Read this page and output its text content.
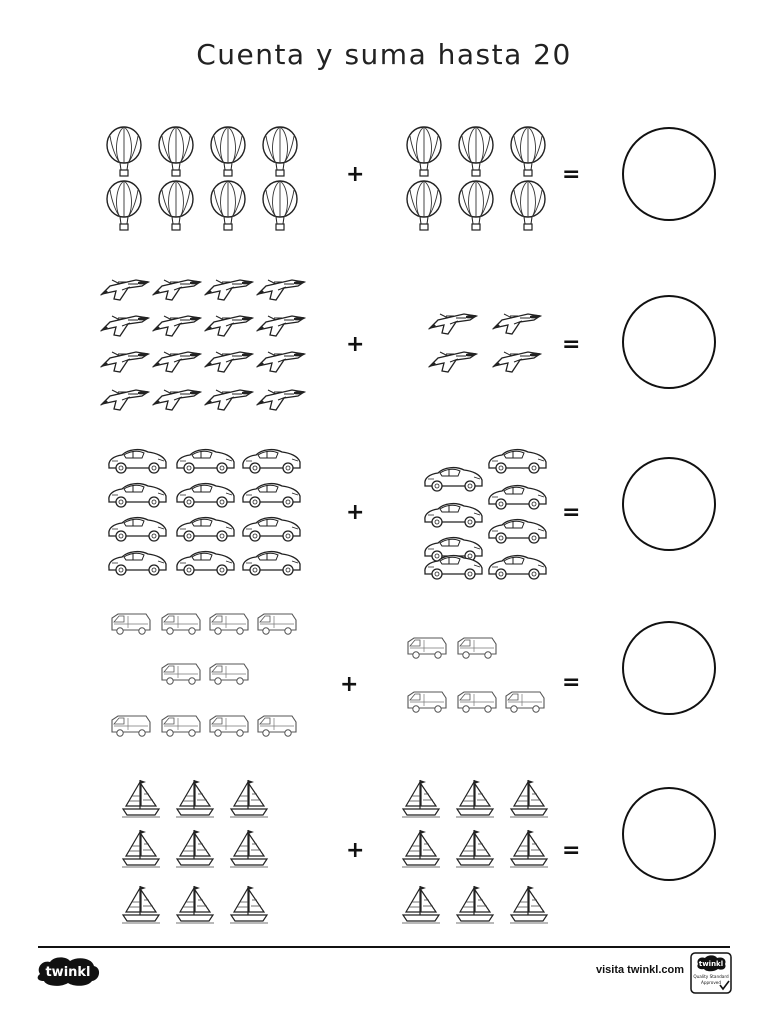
Cuenta y suma hasta 20
+	=
+	=
+	=
+	=
+	=
twinkl	visita twinkl.com twinkl
Quality Standard
Approved
